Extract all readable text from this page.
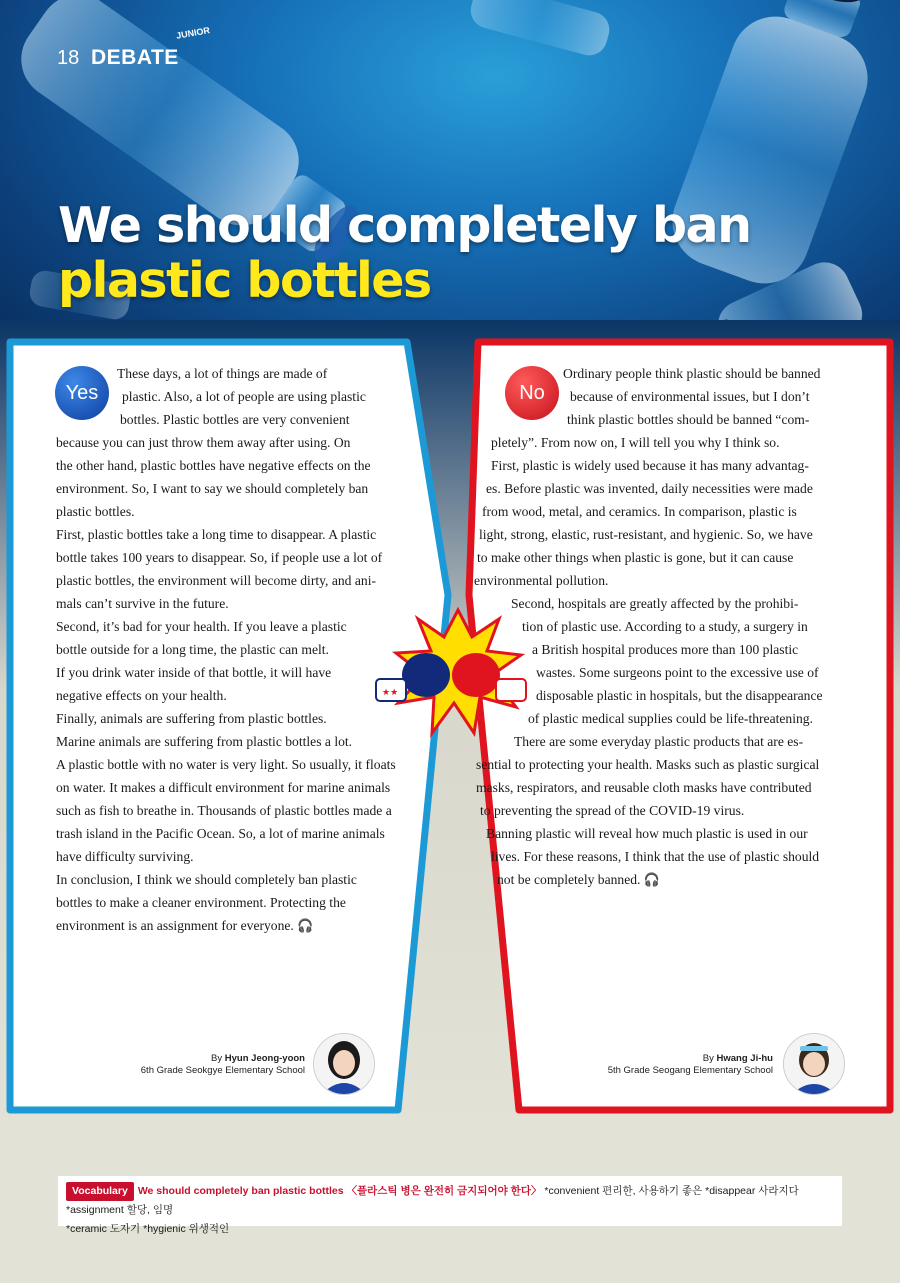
18 DEBATE
JUNIOR
We should completely ban
plastic bottles
★★
Yes

These days, a lot of things are made of

plastic. Also, a lot of people are using plastic

bottles. Plastic bottles are very convenient

because you can just throw them away after using. On

the other hand, plastic bottles have negative effects on the

environment. So, I want to say we should completely ban

plastic bottles.

First, plastic bottles take a long time to disappear. A plastic

bottle takes 100 years to disappear. So, if people use a lot of

plastic bottles, the environment will become dirty, and ani-

mals can’t survive in the future.

Second, it’s bad for your health. If you leave a plastic

bottle outside for a long time, the plastic can melt.

If you drink water inside of that bottle, it will have

negative effects on your health.

Finally, animals are suffering from plastic bottles.

Marine animals are suffering from plastic bottles a lot.

A plastic bottle with no water is very light. So usually, it floats

on water. It makes a difficult environment for marine animals

such as fish to breathe in. Thousands of plastic bottles made a

trash island in the Pacific Ocean. So, a lot of marine animals

have difficulty surviving.

In conclusion, I think we should completely ban plastic

bottles to make a cleaner environment. Protecting the

environment is an assignment for everyone. 🎧

By Hyun Jeong-yoon
6th Grade Seokgye Elementary School
No

Ordinary people think plastic should be banned

because of environmental issues, but I don’t

think plastic bottles should be banned “com-

pletely”. From now on, I will tell you why I think so.

First, plastic is widely used because it has many advantag-

es. Before plastic was invented, daily necessities were made

from wood, metal, and ceramics. In comparison, plastic is

light, strong, elastic, rust-resistant, and hygienic. So, we have

to make other things when plastic is gone, but it can cause

environmental pollution.

Second, hospitals are greatly affected by the prohibi-

tion of plastic use. According to a study, a surgery in

a British hospital produces more than 100 plastic

wastes. Some surgeons point to the excessive use of

disposable plastic in hospitals, but the disappearance

of plastic medical supplies could be life-threatening.

There are some everyday plastic products that are es-

sential to protecting your health. Masks such as plastic surgical

masks, respirators, and reusable cloth masks have contributed

to preventing the spread of the COVID-19 virus.

Banning plastic will reveal how much plastic is used in our

lives. For these reasons, I think that the use of plastic should

not be completely banned. 🎧

By Hwang Ji-hu
5th Grade Seogang Elementary School
Vocabulary We should completely ban plastic bottles 〈플라스틱 병은 완전히 금지되어야 한다〉 *convenient 편리한, 사용하기 좋은 *disappear 사라지다 *assignment 할당, 임명
*ceramic 도자기 *hygienic 위생적인
